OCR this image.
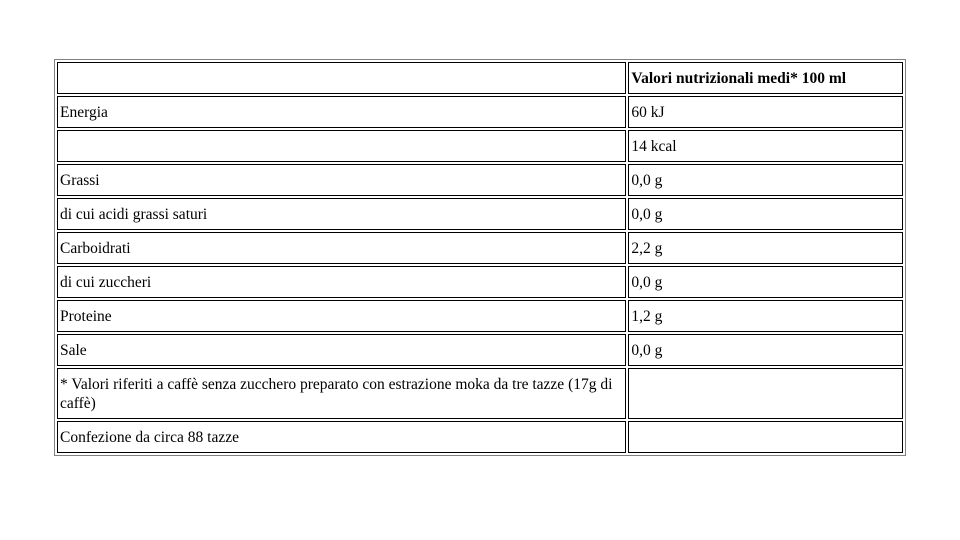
	Valori nutrizionali medi* 100 ml
Energia	60 kJ
	14 kcal
Grassi	0,0 g
di cui acidi grassi saturi	0,0 g
Carboidrati	2,2 g
di cui zuccheri	0,0 g
Proteine	1,2 g
Sale	0,0 g
* Valori riferiti a caffè senza zucchero preparato con estrazione moka da tre tazze (17g di caffè)	
Confezione da circa 88 tazze	
